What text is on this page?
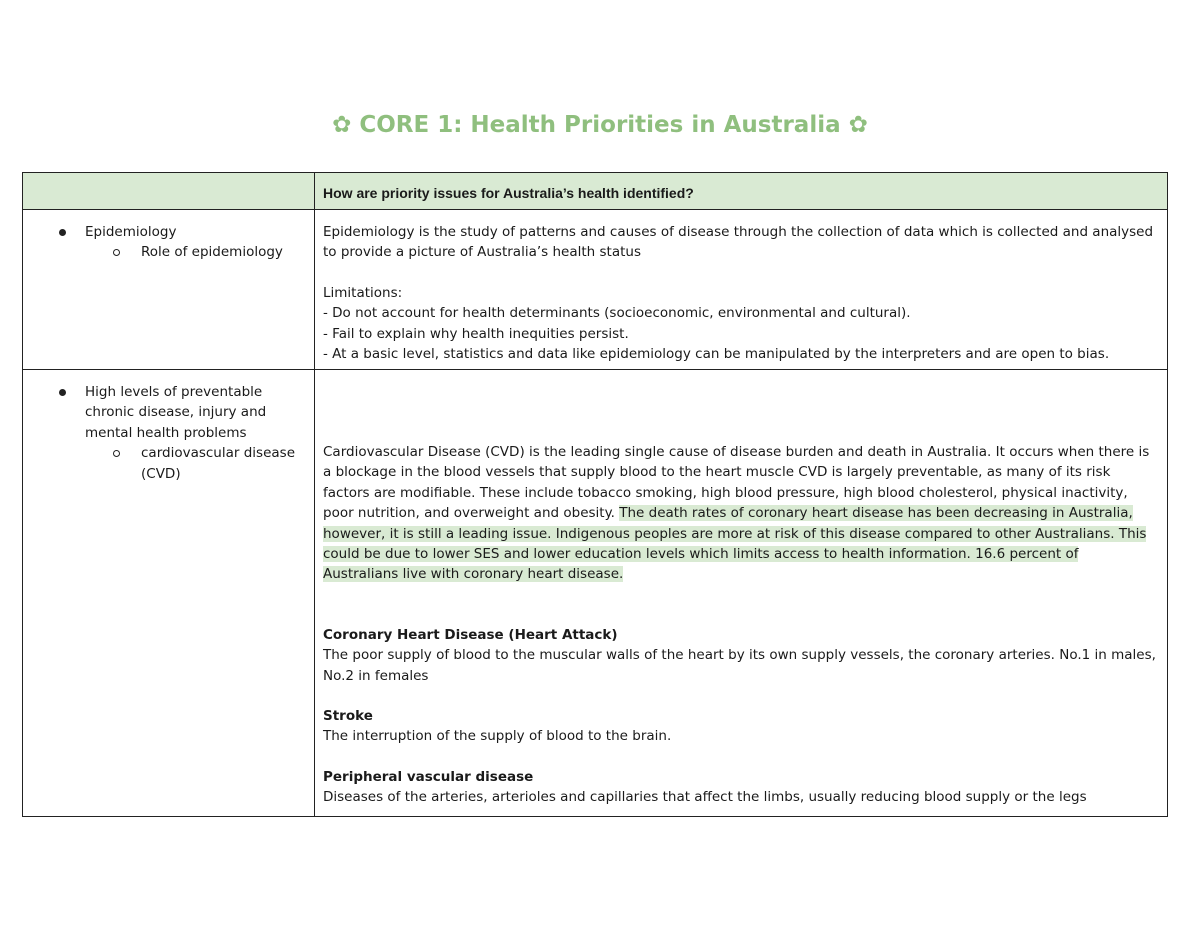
✿ CORE 1: Health Priorities in Australia ✿
How are priority issues for Australia’s health identified?
Epidemiology
Role of epidemiology
Epidemiology is the study of patterns and causes of disease through the collection of data which is collected and analysed to provide a picture of Australia’s health status
Limitations:
- Do not account for health determinants (socioeconomic, environmental and cultural).
- Fail to explain why health inequities persist.
- At a basic level, statistics and data like epidemiology can be manipulated by the interpreters and are open to bias.
High levels of preventable chronic disease, injury and mental health problems
cardiovascular disease (CVD)
Cardiovascular Disease (CVD) is the leading single cause of disease burden and death in Australia. It occurs when there is a blockage in the blood vessels that supply blood to the heart muscle CVD is largely preventable, as many of its risk factors are modifiable. These include tobacco smoking, high blood pressure, high blood cholesterol, physical inactivity, poor nutrition, and overweight and obesity. The death rates of coronary heart disease has been decreasing in Australia, however, it is still a leading issue. Indigenous peoples are more at risk of this disease compared to other Australians. This could be due to lower SES and lower education levels which limits access to health information. 16.6 percent of
Australians live with coronary heart disease.
Coronary Heart Disease (Heart Attack)
The poor supply of blood to the muscular walls of the heart by its own supply vessels, the coronary arteries. No.1 in males, No.2 in females
Stroke
The interruption of the supply of blood to the brain.
Peripheral vascular disease
Diseases of the arteries, arterioles and capillaries that affect the limbs, usually reducing blood supply or the legs
